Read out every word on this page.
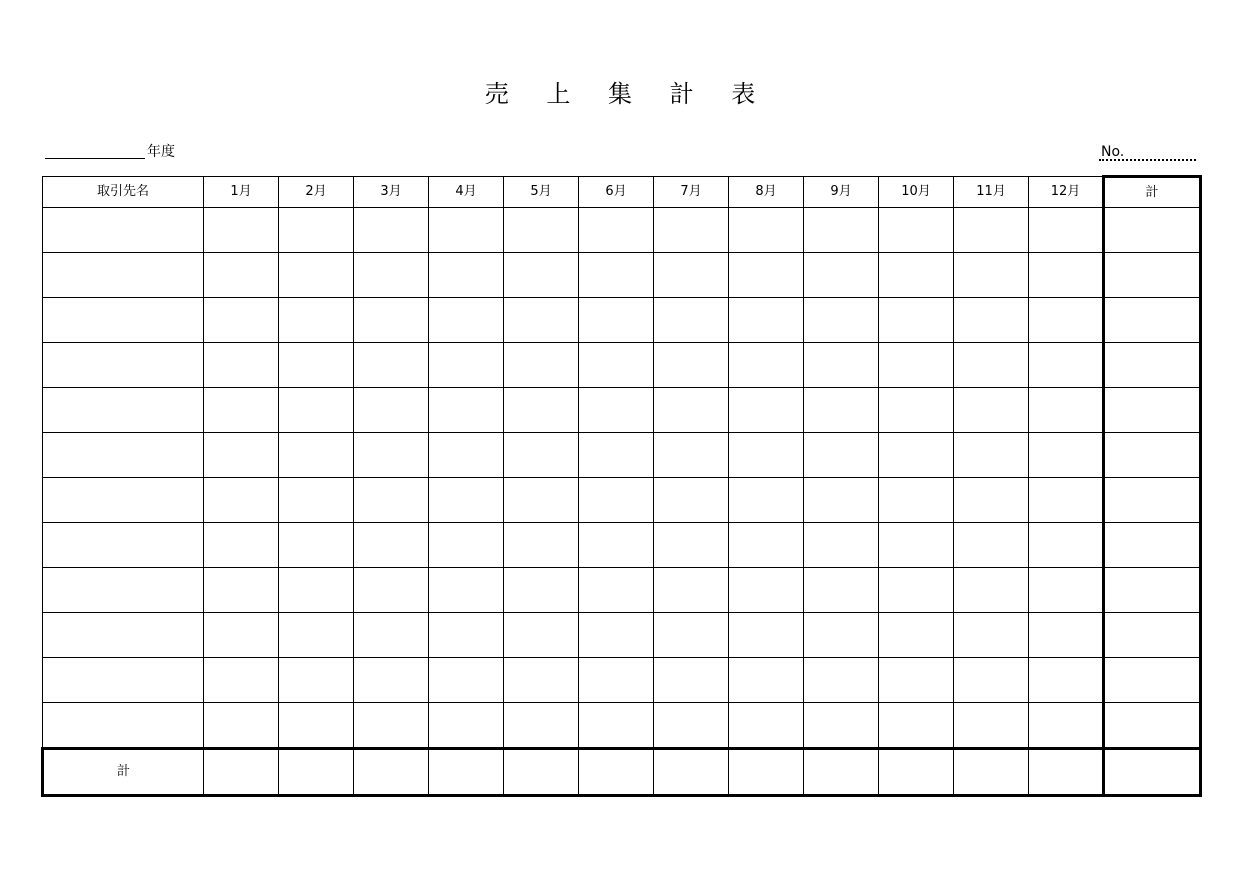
売 上 集 計 表
年度	No.
取引先名	1月	2月	3月	4月	5月	6月	7月	8月	9月	10月	11月	12月	計

計													
